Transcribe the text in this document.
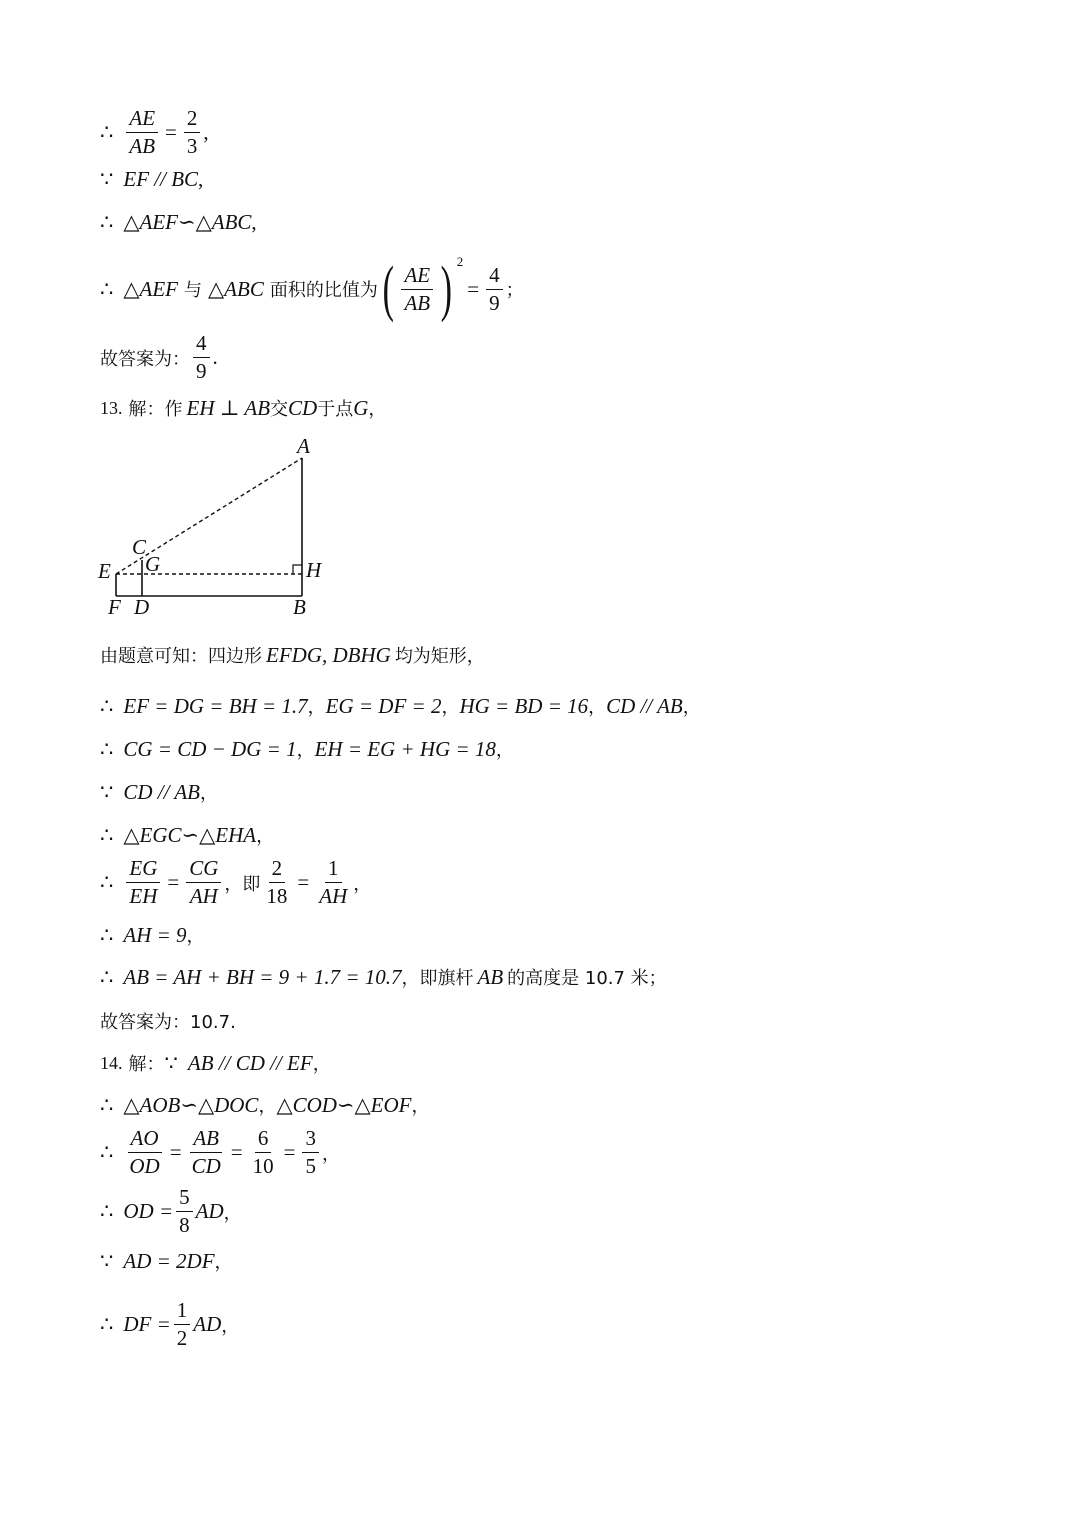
∴ $\frac{AE}{AB} = \frac{2}{3}$ ,
∵ EF // BC ,
∴ △AEF∽△ABC ,
∴ △AEF 与 △ABC 面积的比值为 ( $\frac{AE}{AB}$ ) 2
= $\frac{4}{9}$ ；
故答案为： $\frac{4}{9}$ .
13. 解：作 EH ⊥ AB 交 CD 于点 G ，
A
C
G
E	H
F D	B
由题意可知：四边形 EFDG, DBHG 均为矩形，
∴ EF = DG = BH = 1.7 ， EG = DF = 2 ， HG = BD = 16 ， CD // AB ，
∴ CG = CD − DG = 1 ， EH = EG + HG = 18 ，
∵ CD // AB ，
∴ △EGC∽△EHA ，
∴ $\frac{EG}{EH} = \frac{CG}{AH}$ ，即 $\frac{2}{18} = \frac{1}{AH}$ ，
∴ AH = 9 ，
∴ AB = AH + BH = 9 + 1.7 = 10.7 ，即旗杆 AB 的高度是 10.7 米；
故答案为：10.7.
14. 解： ∵ AB // CD // EF ，
∴ △AOB∽△DOC ， △COD∽△EOF ，
∴ $\frac{AO}{OD} = \frac{AB}{CD} = \frac{6}{10} = \frac{3}{5}$ ，
∴ OD = $\frac{5}{8}$ AD ，
∵ AD = 2DF ，
∴ DF = $\frac{1}{2}$ AD ，
